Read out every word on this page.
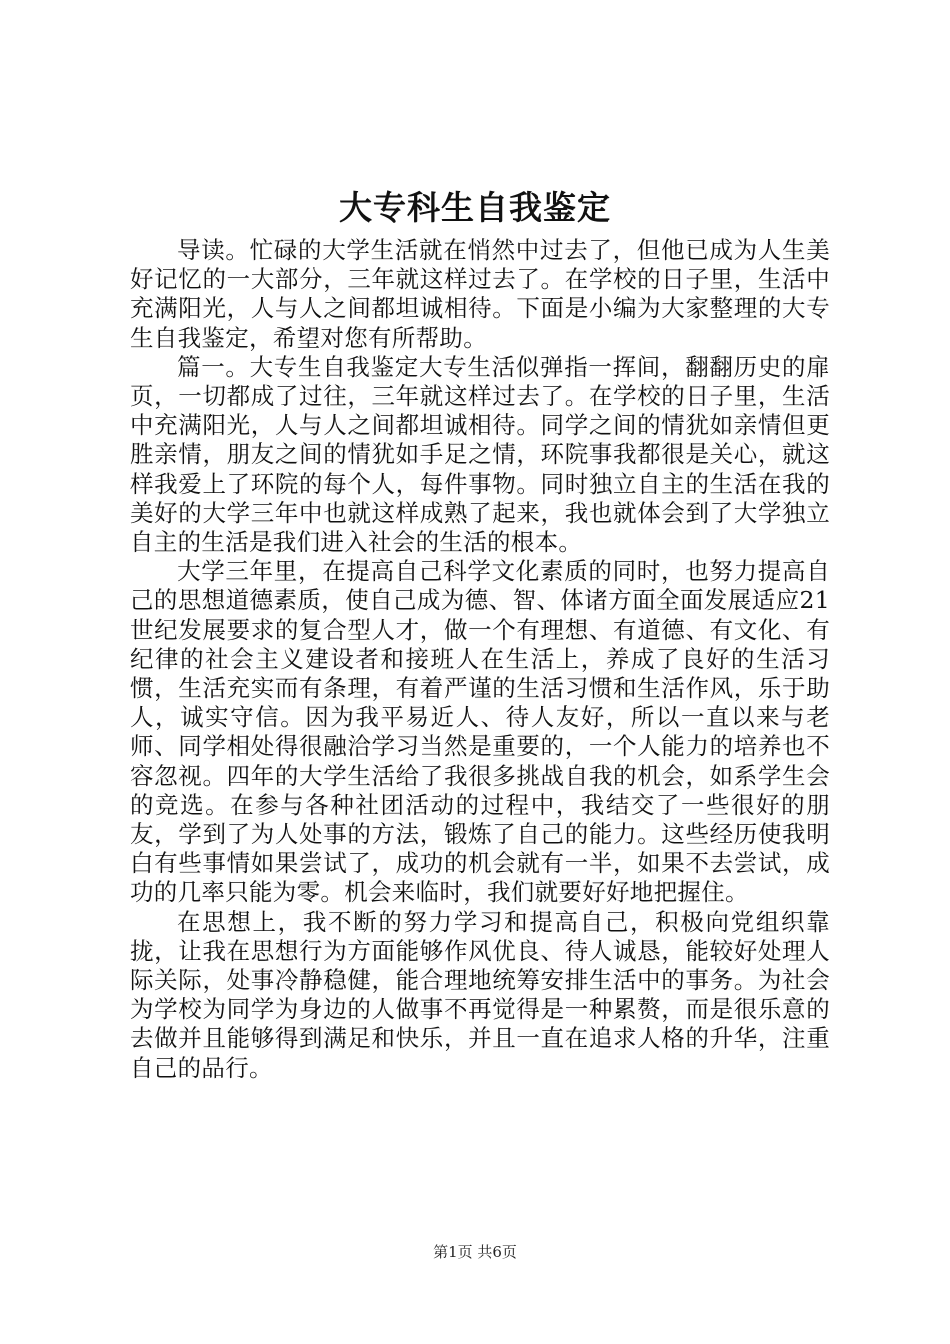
大专科生自我鉴定

导读。忙碌的大学生活就在悄然中过去了，但他已成为人生美好记忆的一大部分，三年就这样过去了。在学校的日子里，生活中充满阳光，人与人之间都坦诚相待。下面是小编为大家整理的大专生自我鉴定，希望对您有所帮助。

篇一。大专生自我鉴定大专生活似弹指一挥间，翻翻历史的扉页，一切都成了过往，三年就这样过去了。在学校的日子里，生活中充满阳光，人与人之间都坦诚相待。同学之间的情犹如亲情但更胜亲情，朋友之间的情犹如手足之情，环院事我都很是关心，就这样我爱上了环院的每个人，每件事物。同时独立自主的生活在我的美好的大学三年中也就这样成熟了起来，我也就体会到了大学独立自主的生活是我们进入社会的生活的根本。

大学三年里，在提高自己科学文化素质的同时，也努力提高自己的思想道德素质，使自己成为德、智、体诸方面全面发展适应21世纪发展要求的复合型人才，做一个有理想、有道德、有文化、有纪律的社会主义建设者和接班人在生活上，养成了良好的生活习惯，生活充实而有条理，有着严谨的生活习惯和生活作风，乐于助人，诚实守信。因为我平易近人、待人友好，所以一直以来与老师、同学相处得很融洽学习当然是重要的，一个人能力的培养也不容忽视。四年的大学生活给了我很多挑战自我的机会，如系学生会的竞选。在参与各种社团活动的过程中，我结交了一些很好的朋友，学到了为人处事的方法，锻炼了自己的能力。这些经历使我明白有些事情如果尝试了，成功的机会就有一半，如果不去尝试，成功的几率只能为零。机会来临时，我们就要好好地把握住。

在思想上，我不断的努力学习和提高自己，积极向党组织靠拢，让我在思想行为方面能够作风优良、待人诚恳，能较好处理人际关际，处事冷静稳健，能合理地统筹安排生活中的事务。为社会为学校为同学为身边的人做事不再觉得是一种累赘，而是很乐意的去做并且能够得到满足和快乐，并且一直在追求人格的升华，注重自己的品行。

第1页 共6页
